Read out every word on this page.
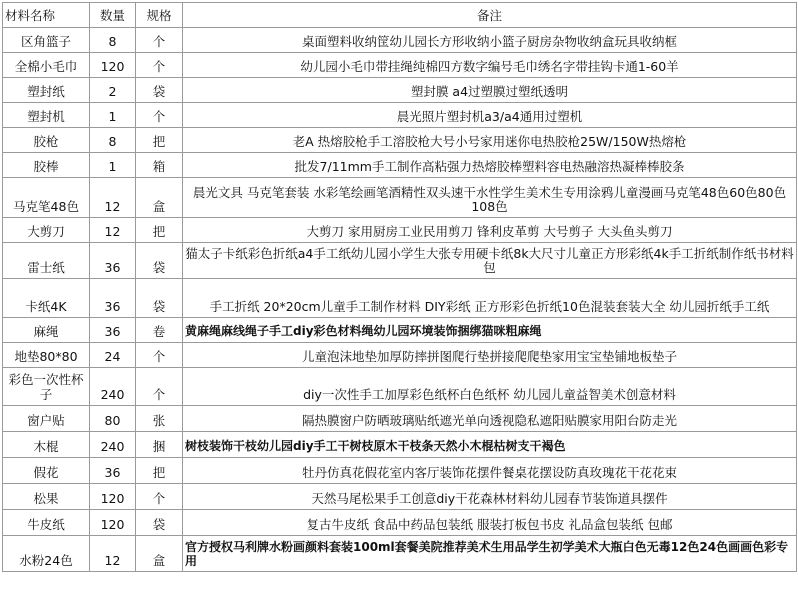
材料名称	数量	规格	备注
区角篮子	8	个	桌面塑料收纳筐幼儿园长方形收纳小篮子厨房杂物收纳盒玩具收纳框
全棉小毛巾	120	个	幼儿园小毛巾带挂绳纯棉四方数字编号毛巾绣名字带挂钩卡通1-60羊
塑封纸	2	袋	塑封膜 a4过塑膜过塑纸透明
塑封机	1	个	晨光照片塑封机a3/a4通用过塑机
胶枪	8	把	老A 热熔胶枪手工溶胶枪大号小号家用迷你电热胶枪25W/150W热熔枪
胶棒	1	箱	批发7/11mm手工制作高粘强力热熔胶棒塑料容电热融溶热凝棒棒胶条
马克笔48色	12	盒	晨光文具 马克笔套装 水彩笔绘画笔酒精性双头速干水性学生美术生专用涂鸦儿童漫画马克笔48色60色80色108色
大剪刀	12	把	大剪刀 家用厨房工业民用剪刀 锋利皮革剪 大号剪子 大头鱼头剪刀
雷士纸	36	袋	猫太子卡纸彩色折纸a4手工纸幼儿园小学生大张专用硬卡纸8k大尺寸儿童正方形彩纸4k手工折纸制作纸书材料包
卡纸4K	36	袋	手工折纸 20*20cm儿童手工制作材料 DIY彩纸 正方形彩色折纸10色混装套装大全 幼儿园折纸手工纸
麻绳	36	卷	黄麻绳麻线绳子手工diy彩色材料绳幼儿园环境装饰捆绑猫咪粗麻绳
地垫80*80	24	个	儿童泡沫地垫加厚防摔拼图爬行垫拼接爬爬垫家用宝宝垫铺地板垫子
彩色一次性杯子	240	个	diy一次性手工加厚彩色纸杯白色纸杯 幼儿园儿童益智美术创意材料
窗户贴	80	张	隔热膜窗户防晒玻璃贴纸遮光单向透视隐私遮阳贴膜家用阳台防走光
木棍	240	捆	树枝装饰干枝幼儿园diy手工干树枝原木干枝条天然小木棍枯树支干褐色
假花	36	把	牡丹仿真花假花室内客厅装饰花摆件餐桌花摆设防真玫瑰花干花花束
松果	120	个	天然马尾松果手工创意diy干花森林材料幼儿园春节装饰道具摆件
牛皮纸	120	袋	复古牛皮纸 食品中药品包装纸 服装打板包书皮 礼品盒包装纸 包邮
水粉24色	12	盒	官方授权马利牌水粉画颜料套装100ml套餐美院推荐美术生用品学生初学美术大瓶白色无毒12色24色画画色彩专用
